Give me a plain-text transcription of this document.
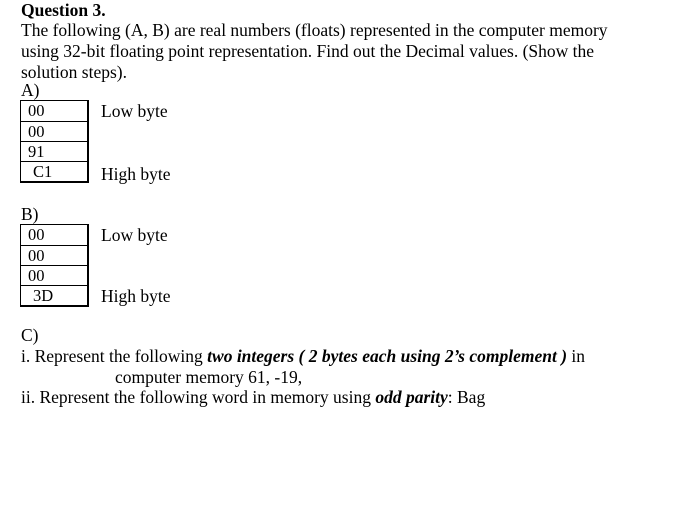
Question 3.
The following (A, B) are real numbers (floats) represented in the computer memory
using 32-bit floating point representation. Find out the Decimal values. (Show the
solution steps).
A)
00
00
91
C1
Low byte
High byte
B)
00
00
00
3D
Low byte
High byte
C)
i. Represent the following two integers ( 2 bytes each using 2’s complement ) in
computer memory 61, -19,
ii. Represent the following word in memory using odd parity: Bag
